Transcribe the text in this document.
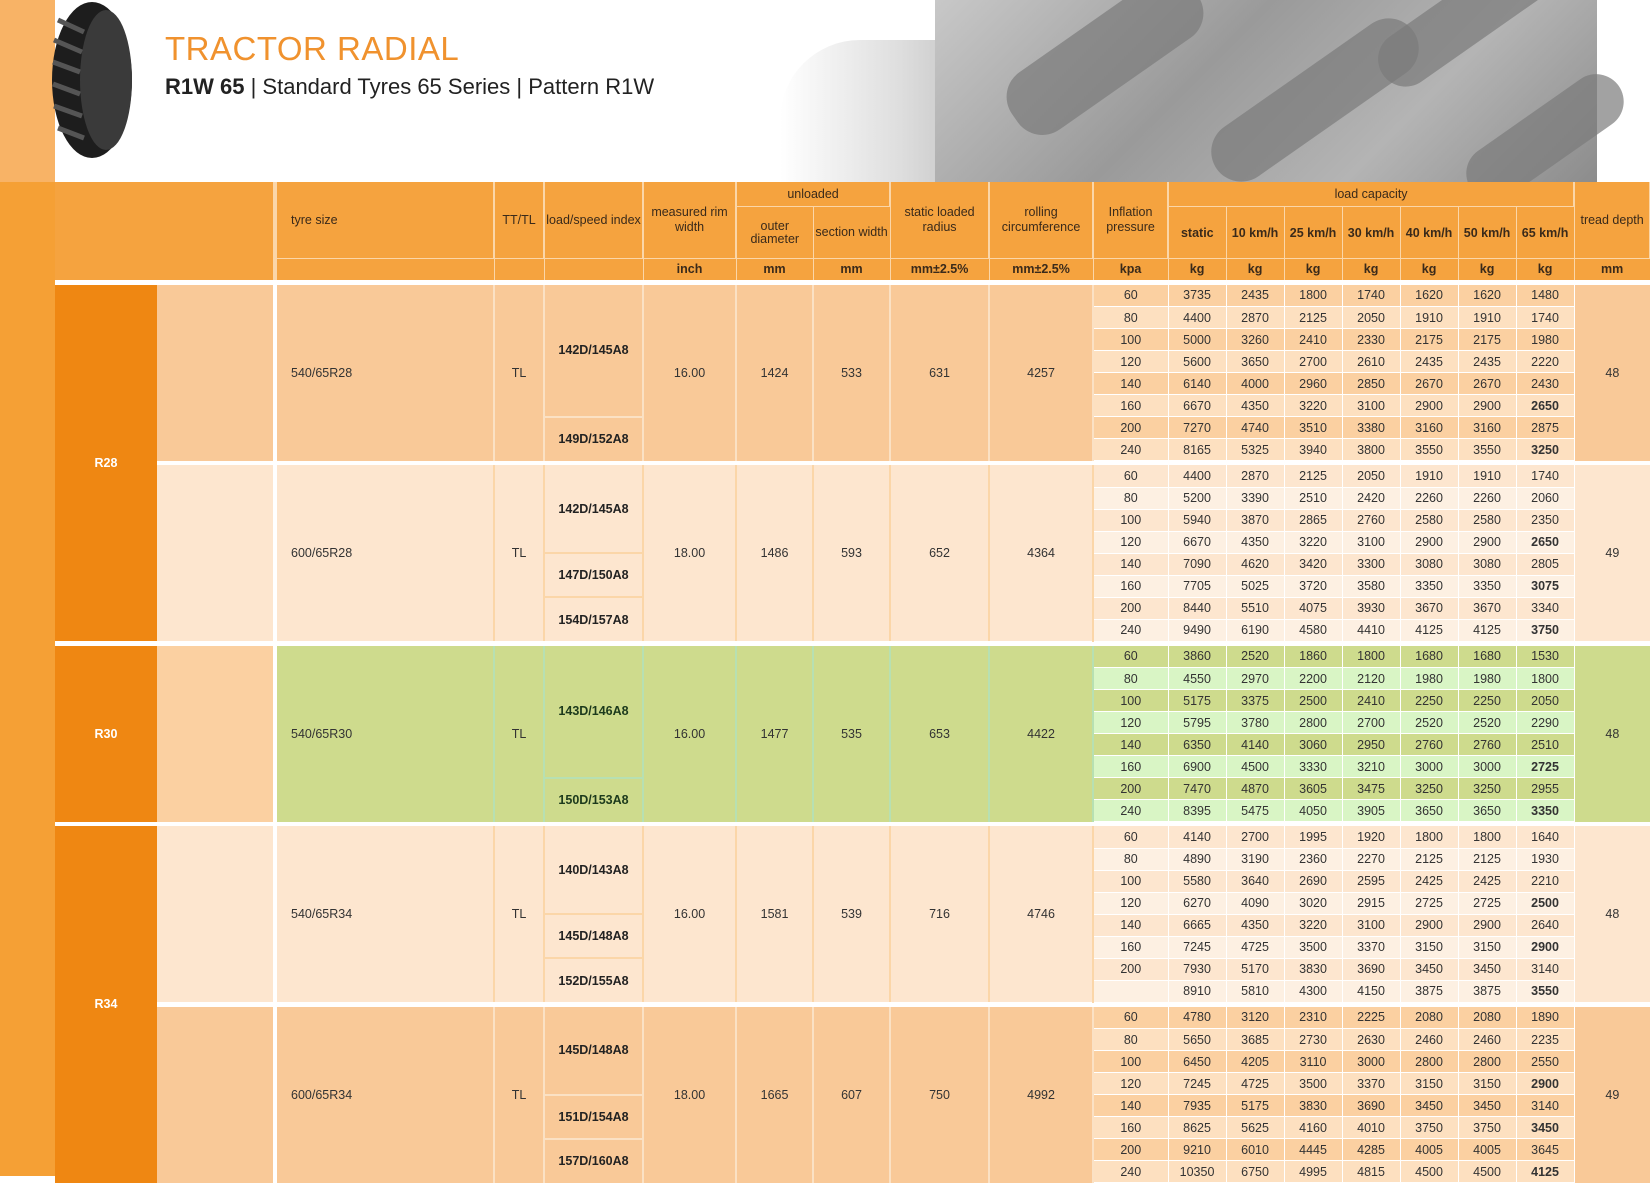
TRACTOR RADIAL
R1W 65 | Standard Tyres 65 Series | Pattern R1W
		tyre size	TT/TL	load/speed index	measured rim width	unloaded		static loaded radius	rolling circumference	Inflation pressure	load capacity							tread depth
						outer diameter	section width				static	10 km/h	25 km/h	30 km/h	40 km/h	50 km/h	65 km/h	
					inch	mm	mm	mm±2.5%	mm±2.5%	kpa	kg	kg	kg	kg	kg	kg	kg	mm

R28		540/65R28	TL	142D/145A8	16.00	1424	533	631	4257	60	3735	2435	1800	1740	1620	1620	1480	48
										80	4400	2870	2125	2050	1910	1910	1740	
										100	5000	3260	2410	2330	2175	2175	1980	
										120	5600	3650	2700	2610	2435	2435	2220	
										140	6140	4000	2960	2850	2670	2670	2430	
										160	6670	4350	3220	3100	2900	2900	2650	
				149D/152A8						200	7270	4740	3510	3380	3160	3160	2875	
										240	8165	5325	3940	3800	3550	3550	3250	

		600/65R28	TL	142D/145A8	18.00	1486	593	652	4364	60	4400	2870	2125	2050	1910	1910	1740	49
										80	5200	3390	2510	2420	2260	2260	2060	
										100	5940	3870	2865	2760	2580	2580	2350	
										120	6670	4350	3220	3100	2900	2900	2650	
				147D/150A8						140	7090	4620	3420	3300	3080	3080	2805	
										160	7705	5025	3720	3580	3350	3350	3075	
				154D/157A8						200	8440	5510	4075	3930	3670	3670	3340	
										240	9490	6190	4580	4410	4125	4125	3750	

R30		540/65R30	TL	143D/146A8	16.00	1477	535	653	4422	60	3860	2520	1860	1800	1680	1680	1530	48
										80	4550	2970	2200	2120	1980	1980	1800	
										100	5175	3375	2500	2410	2250	2250	2050	
										120	5795	3780	2800	2700	2520	2520	2290	
										140	6350	4140	3060	2950	2760	2760	2510	
										160	6900	4500	3330	3210	3000	3000	2725	
				150D/153A8						200	7470	4870	3605	3475	3250	3250	2955	
										240	8395	5475	4050	3905	3650	3650	3350	

R34		540/65R34	TL	140D/143A8	16.00	1581	539	716	4746	60	4140	2700	1995	1920	1800	1800	1640	48
										80	4890	3190	2360	2270	2125	2125	1930	
										100	5580	3640	2690	2595	2425	2425	2210	
										120	6270	4090	3020	2915	2725	2725	2500	
				145D/148A8						140	6665	4350	3220	3100	2900	2900	2640	
										160	7245	4725	3500	3370	3150	3150	2900	
				152D/155A8						200	7930	5170	3830	3690	3450	3450	3140	
											8910	5810	4300	4150	3875	3875	3550	

		600/65R34	TL	145D/148A8	18.00	1665	607	750	4992	60	4780	3120	2310	2225	2080	2080	1890	49
										80	5650	3685	2730	2630	2460	2460	2235	
										100	6450	4205	3110	3000	2800	2800	2550	
										120	7245	4725	3500	3370	3150	3150	2900	
				151D/154A8						140	7935	5175	3830	3690	3450	3450	3140	
										160	8625	5625	4160	4010	3750	3750	3450	
				157D/160A8						200	9210	6010	4445	4285	4005	4005	3645	
										240	10350	6750	4995	4815	4500	4500	4125	
